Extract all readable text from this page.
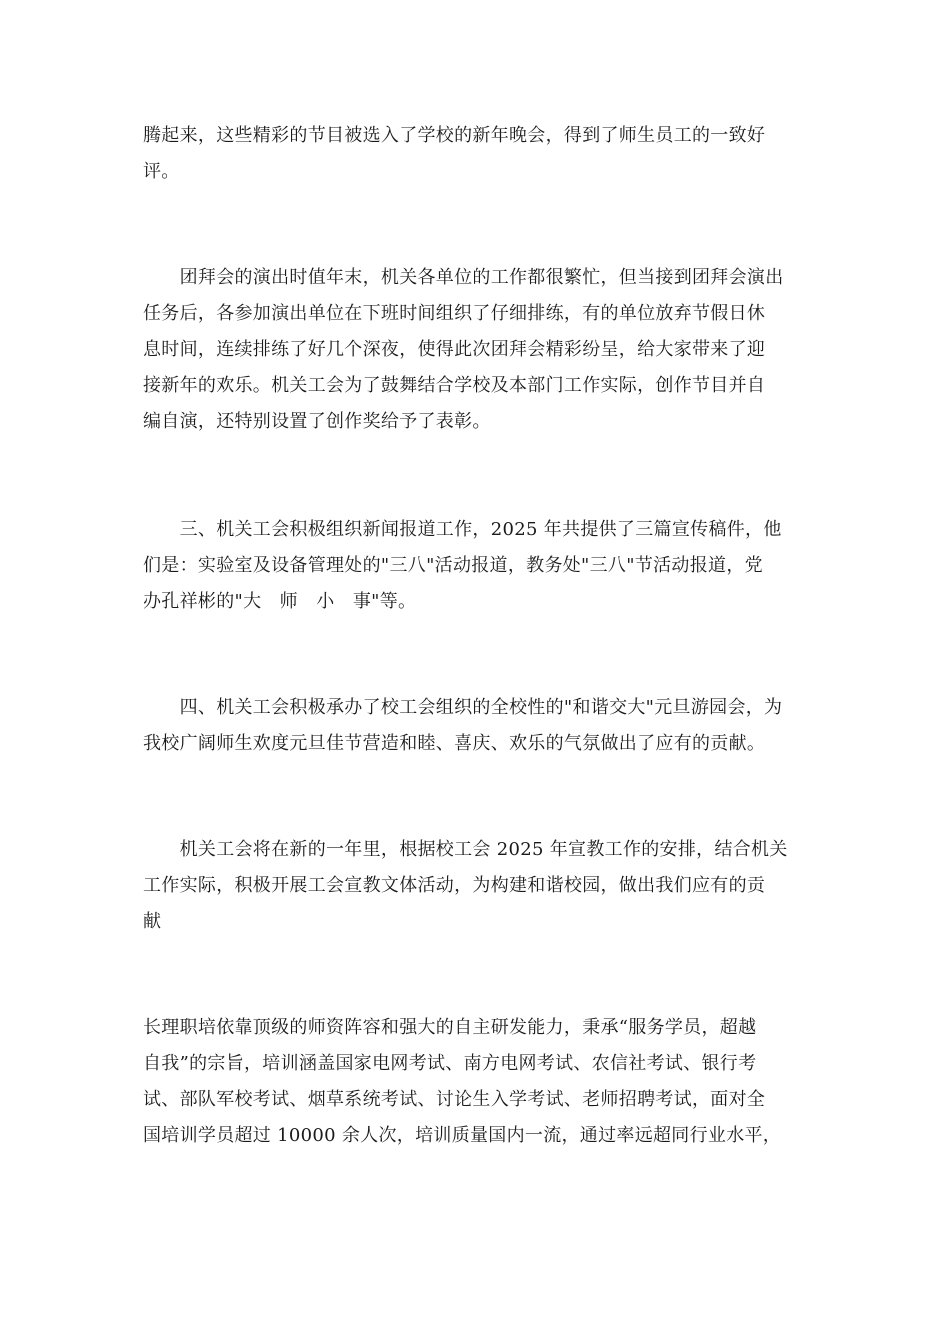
腾起来，这些精彩的节目被选入了学校的新年晚会，得到了师生员工的一致好
评。

　　团拜会的演出时值年末，机关各单位的工作都很繁忙，但当接到团拜会演出
任务后，各参加演出单位在下班时间组织了仔细排练，有的单位放弃节假日休
息时间，连续排练了好几个深夜，使得此次团拜会精彩纷呈，给大家带来了迎
接新年的欢乐。机关工会为了鼓舞结合学校及本部门工作实际，创作节目并自
编自演，还特别设置了创作奖给予了表彰。

　　三、机关工会积极组织新闻报道工作，2025 年共提供了三篇宣传稿件，他
们是：实验室及设备管理处的"三八"活动报道，教务处"三八"节活动报道，党
办孔祥彬的"大　师　小　事"等。

　　四、机关工会积极承办了校工会组织的全校性的"和谐交大"元旦游园会，为
我校广阔师生欢度元旦佳节营造和睦、喜庆、欢乐的气氛做出了应有的贡献。

　　机关工会将在新的一年里，根据校工会 2025 年宣教工作的安排，结合机关
工作实际，积极开展工会宣教文体活动，为构建和谐校园，做出我们应有的贡
献

长理职培依靠顶级的师资阵容和强大的自主研发能力，秉承“服务学员，超越
自我”的宗旨，培训涵盖国家电网考试、南方电网考试、农信社考试、银行考
试、部队军校考试、烟草系统考试、讨论生入学考试、老师招聘考试，面对全
国培训学员超过 10000 余人次，培训质量国内一流，通过率远超同行业水平，
